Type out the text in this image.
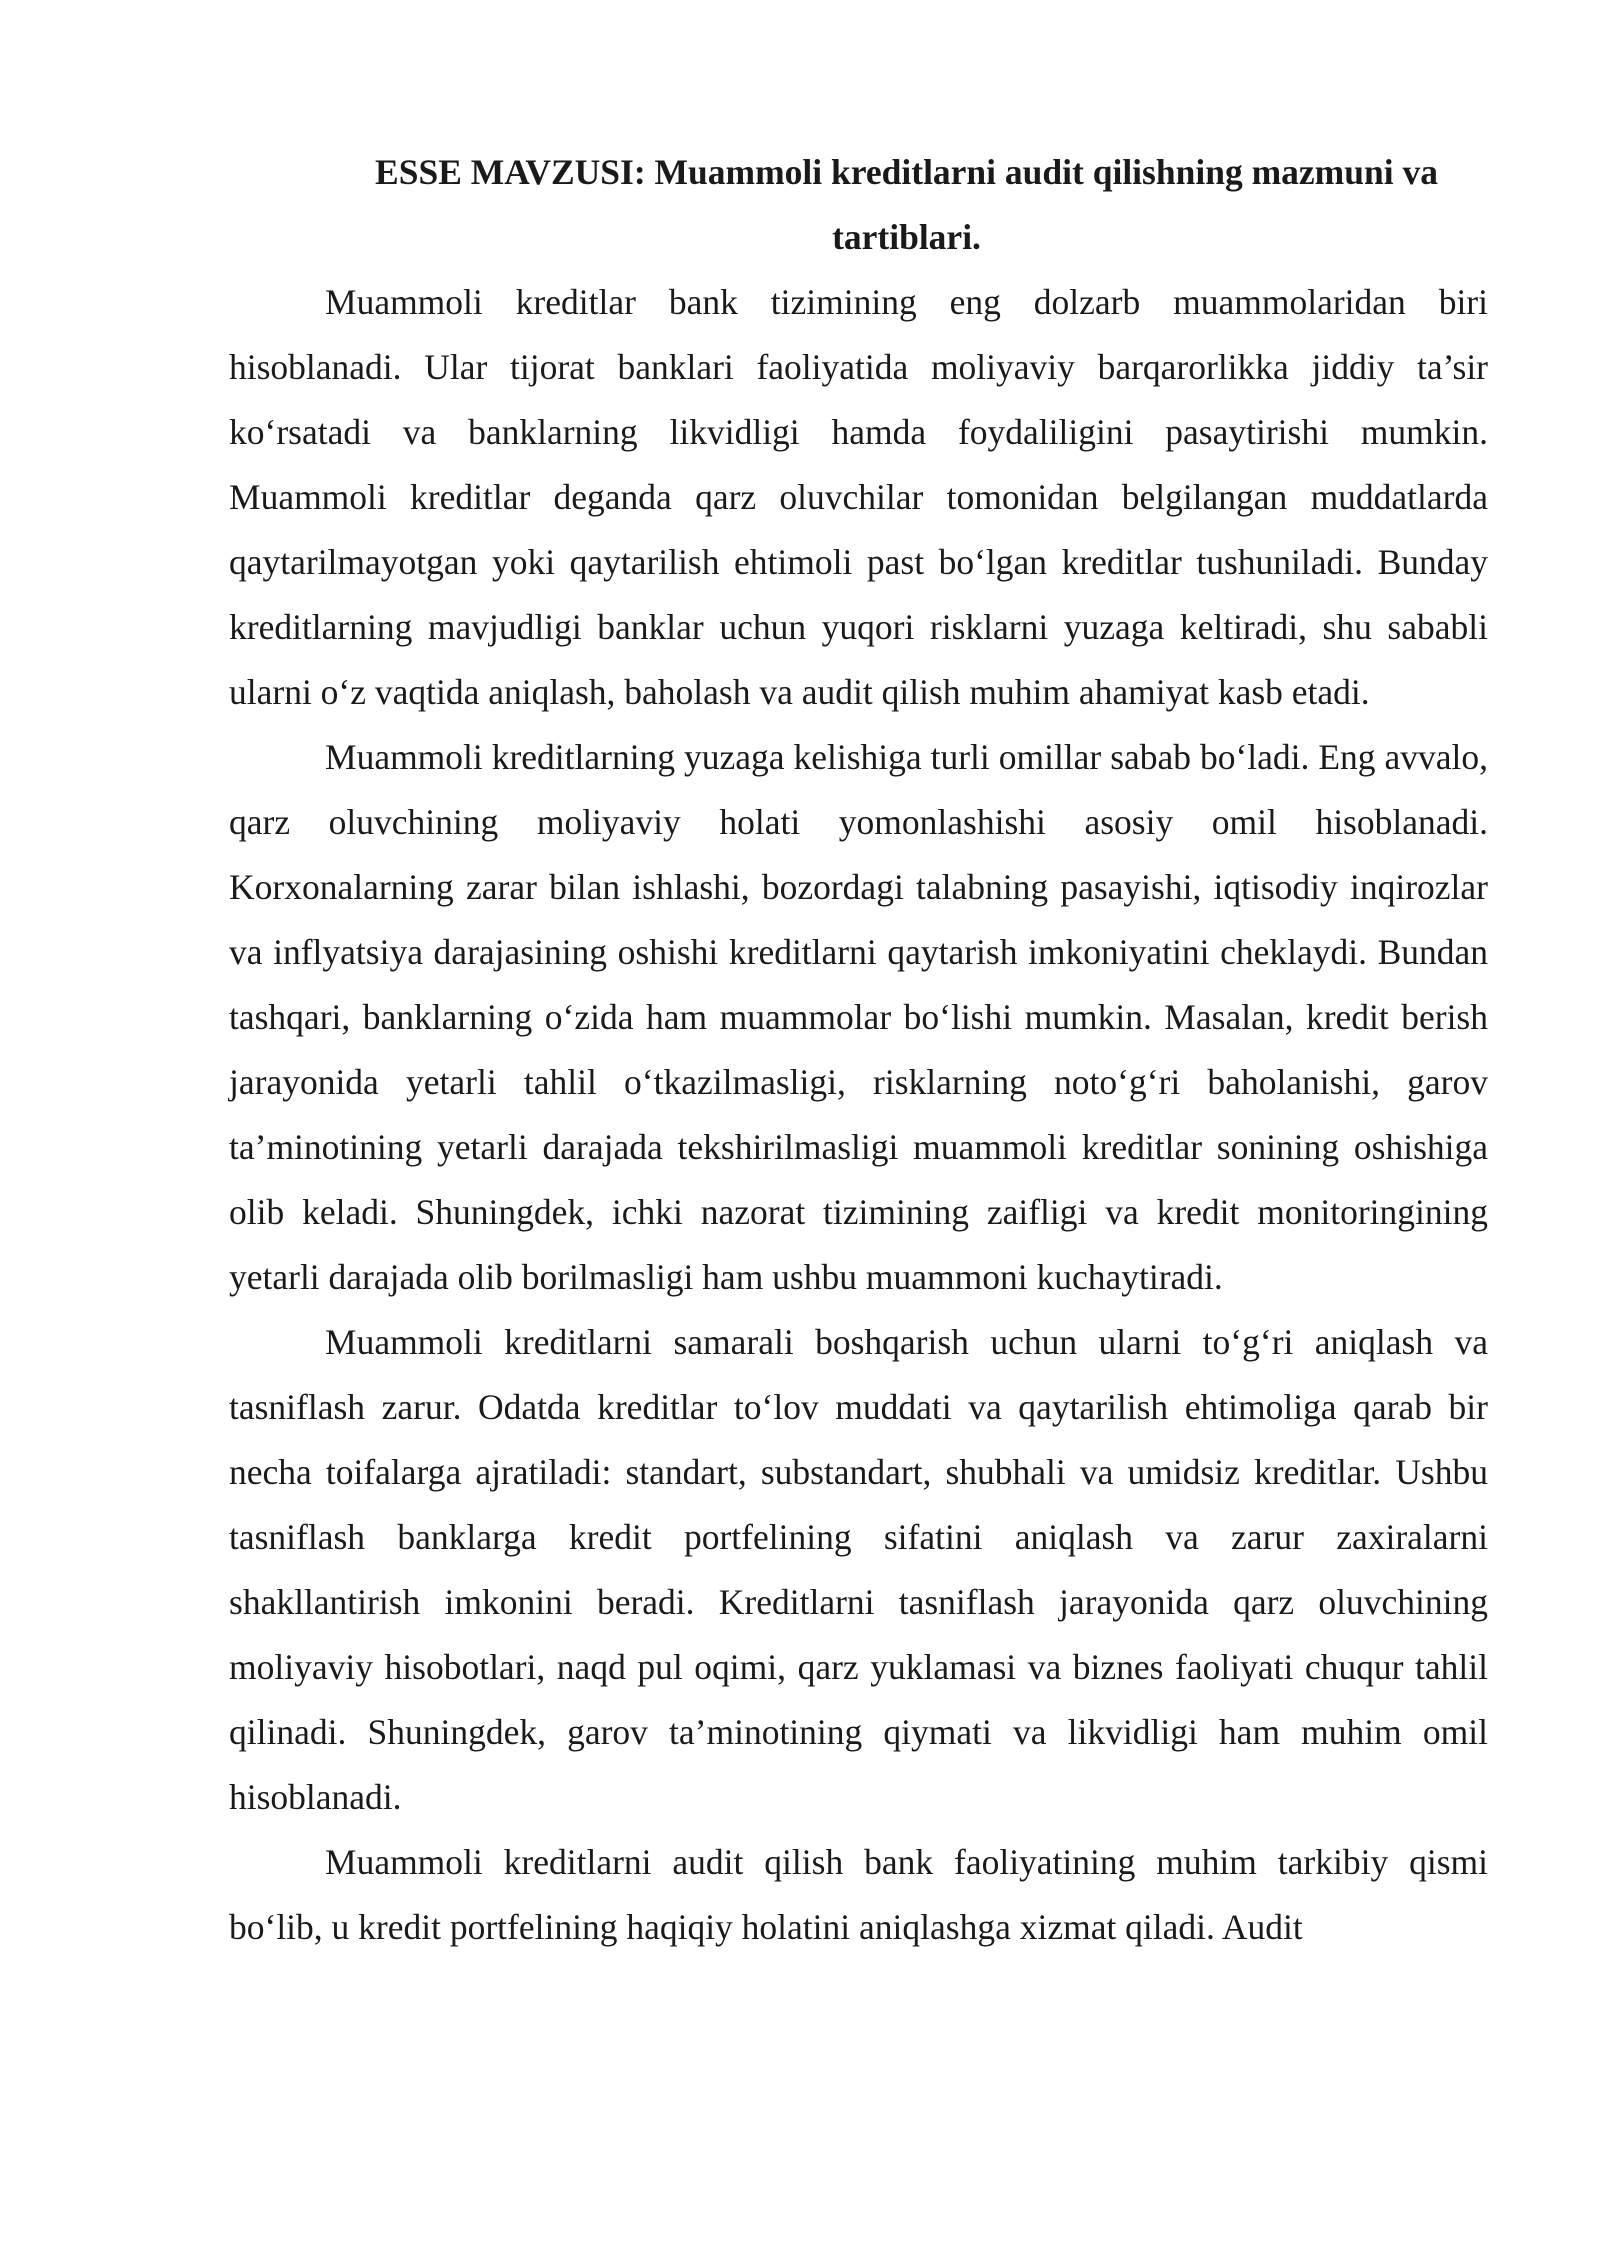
ESSE MAVZUSI: Muammoli kreditlarni audit qilishning mazmuni va tartiblari.

Muammoli kreditlar bank tizimining eng dolzarb muammolaridan biri hisoblanadi. Ular tijorat banklari faoliyatida moliyaviy barqarorlikka jiddiy ta’sir ko‘rsatadi va banklarning likvidligi hamda foydaliligini pasaytirishi mumkin. Muammoli kreditlar deganda qarz oluvchilar tomonidan belgilangan muddatlarda qaytarilmayotgan yoki qaytarilish ehtimoli past bo‘lgan kreditlar tushuniladi. Bunday kreditlarning mavjudligi banklar uchun yuqori risklarni yuzaga keltiradi, shu sababli ularni o‘z vaqtida aniqlash, baholash va audit qilish muhim ahamiyat kasb etadi.

Muammoli kreditlarning yuzaga kelishiga turli omillar sabab bo‘ladi. Eng avvalo, qarz oluvchining moliyaviy holati yomonlashishi asosiy omil hisoblanadi. Korxonalarning zarar bilan ishlashi, bozordagi talabning pasayishi, iqtisodiy inqirozlar va inflyatsiya darajasining oshishi kreditlarni qaytarish imkoniyatini cheklaydi. Bundan tashqari, banklarning o‘zida ham muammolar bo‘lishi mumkin. Masalan, kredit berish jarayonida yetarli tahlil o‘tkazilmasligi, risklarning noto‘g‘ri baholanishi, garov ta’minotining yetarli darajada tekshirilmasligi muammoli kreditlar sonining oshishiga olib keladi. Shuningdek, ichki nazorat tizimining zaifligi va kredit monitoringining yetarli darajada olib borilmasligi ham ushbu muammoni kuchaytiradi.

Muammoli kreditlarni samarali boshqarish uchun ularni to‘g‘ri aniqlash va tasniflash zarur. Odatda kreditlar to‘lov muddati va qaytarilish ehtimoliga qarab bir necha toifalarga ajratiladi: standart, substandart, shubhali va umidsiz kreditlar. Ushbu tasniflash banklarga kredit portfelining sifatini aniqlash va zarur zaxiralarni shakllantirish imkonini beradi. Kreditlarni tasniflash jarayonida qarz oluvchining moliyaviy hisobotlari, naqd pul oqimi, qarz yuklamasi va biznes faoliyati chuqur tahlil qilinadi. Shuningdek, garov ta’minotining qiymati va likvidligi ham muhim omil hisoblanadi.

Muammoli kreditlarni audit qilish bank faoliyatining muhim tarkibiy qismi bo‘lib, u kredit portfelining haqiqiy holatini aniqlashga xizmat qiladi. Audit
